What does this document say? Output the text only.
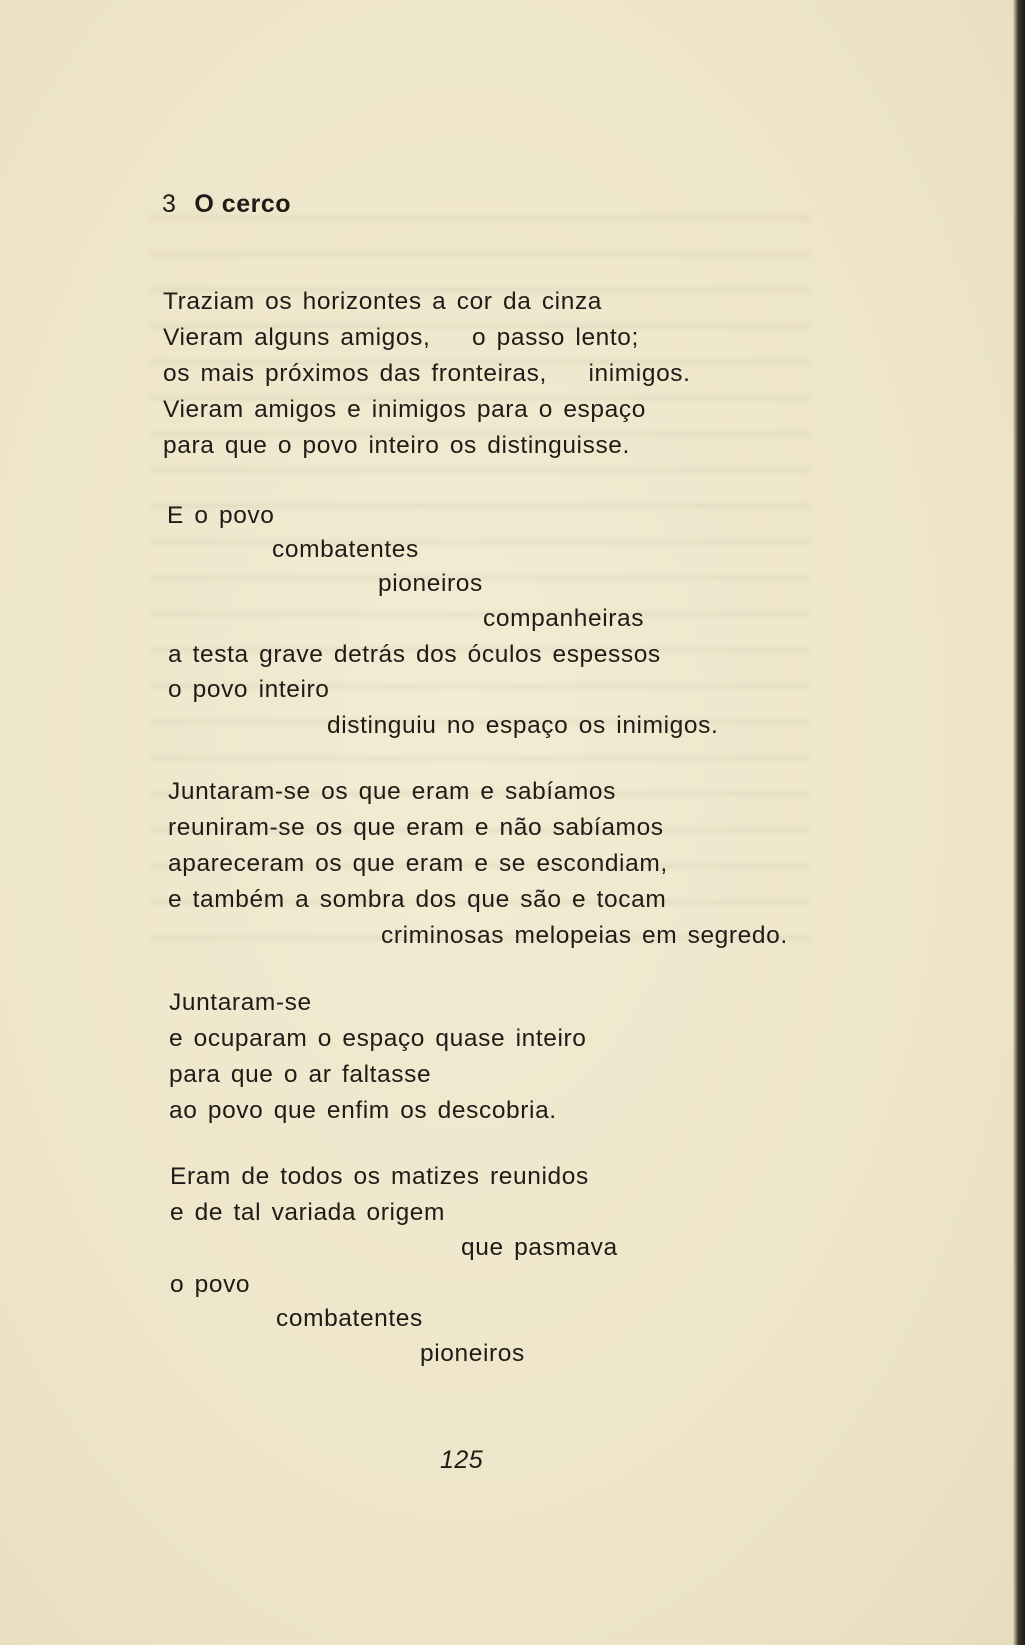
3 O cerco
Traziam os horizontes a cor da cinza
Vieram alguns amigos,    o passo lento;
os mais próximos das fronteiras,    inimigos.
Vieram amigos e inimigos para o espaço
para que o povo inteiro os distinguisse.
E o povo
combatentes
pioneiros
companheiras
a testa grave detrás dos óculos espessos
o povo inteiro
distinguiu no espaço os inimigos.
Juntaram-se os que eram e sabíamos
reuniram-se os que eram e não sabíamos
apareceram os que eram e se escondiam,
e também a sombra dos que são e tocam
criminosas melopeias em segredo.
Juntaram-se
e ocuparam o espaço quase inteiro
para que o ar faltasse
ao povo que enfim os descobria.
Eram de todos os matizes reunidos
e de tal variada origem
que pasmava
o povo
combatentes
pioneiros
125
